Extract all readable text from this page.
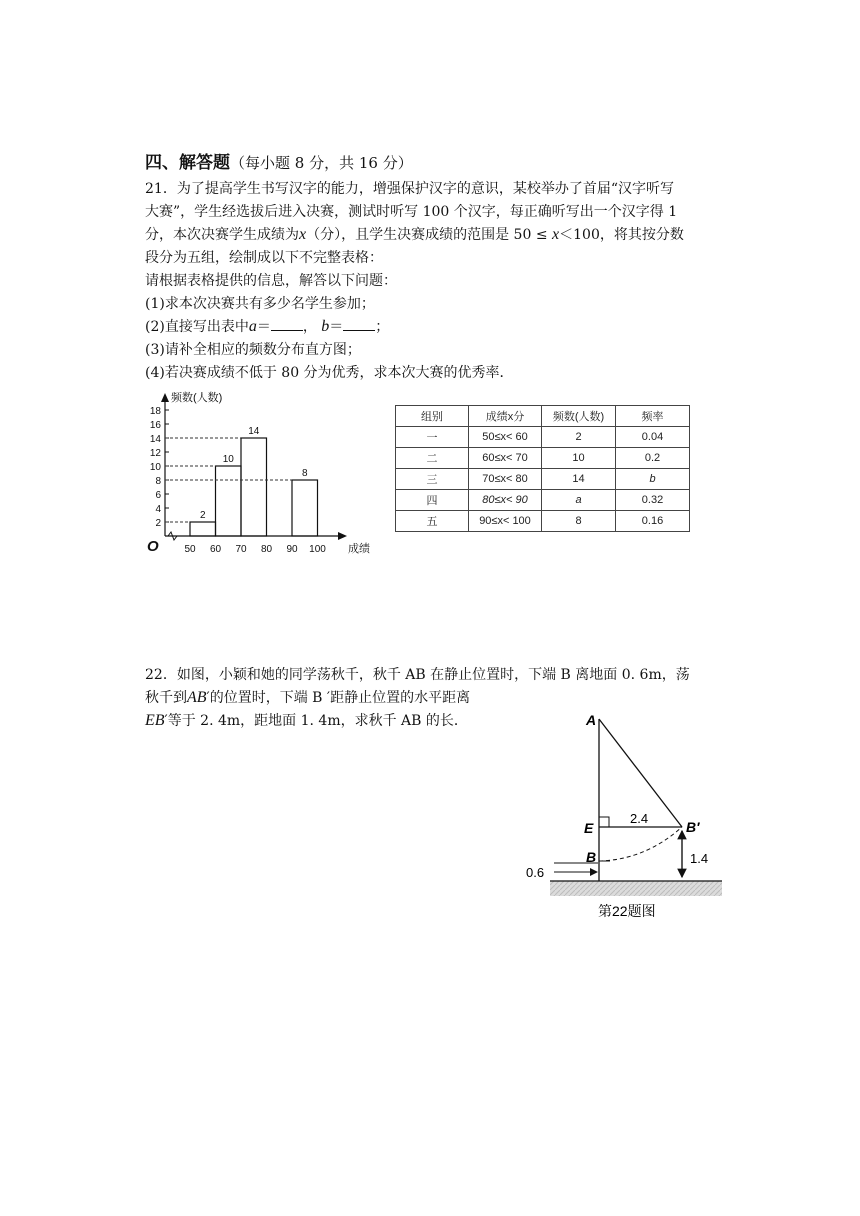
四、解答题（每小题 8 分，共 16 分）
21．为了提高学生书写汉字的能力，增强保护汉字的意识，某校举办了首届“汉字听写
大赛”，学生经选拔后进入决赛，测试时听写 100 个汉字，每正确听写出一个汉字得 1
分，本次决赛学生成绩为x（分），且学生决赛成绩的范围是 50 ≤ x＜100，将其按分数
段分为五组，绘制成以下不完整表格：
请根据表格提供的信息，解答以下问题：
(1)求本次决赛共有多少名学生参加；
(2)直接写出表中a＝ ， b＝ ；
(3)请补全相应的频数分布直方图；
(4)若决赛成绩不低于 80 分为优秀，求本次大赛的优秀率．
2
4
6
8
10
12
14
16
18
50 60 70 80 90 100
2
10
14
8
频数(人数)
成绩
O
组别	成绩x分	频数(人数)	频率
一	50≤x< 60	2	0.04
二	60≤x< 70	10	0.2
三	70≤x< 80	14	b
四	80≤x< 90	a	0.32
五	90≤x< 100	8	0.16
22．如图，小颖和她的同学荡秋千，秋千 AB 在静止位置时，下端 B 离地面 0. 6m，荡
秋千到AB′的位置时，下端 B ′距静止位置的水平距离
EB′等于 2. 4m，距地面 1. 4m，求秋千 AB 的长．	A
E
B
B′
2.4
1.4
0.6
第22题图
